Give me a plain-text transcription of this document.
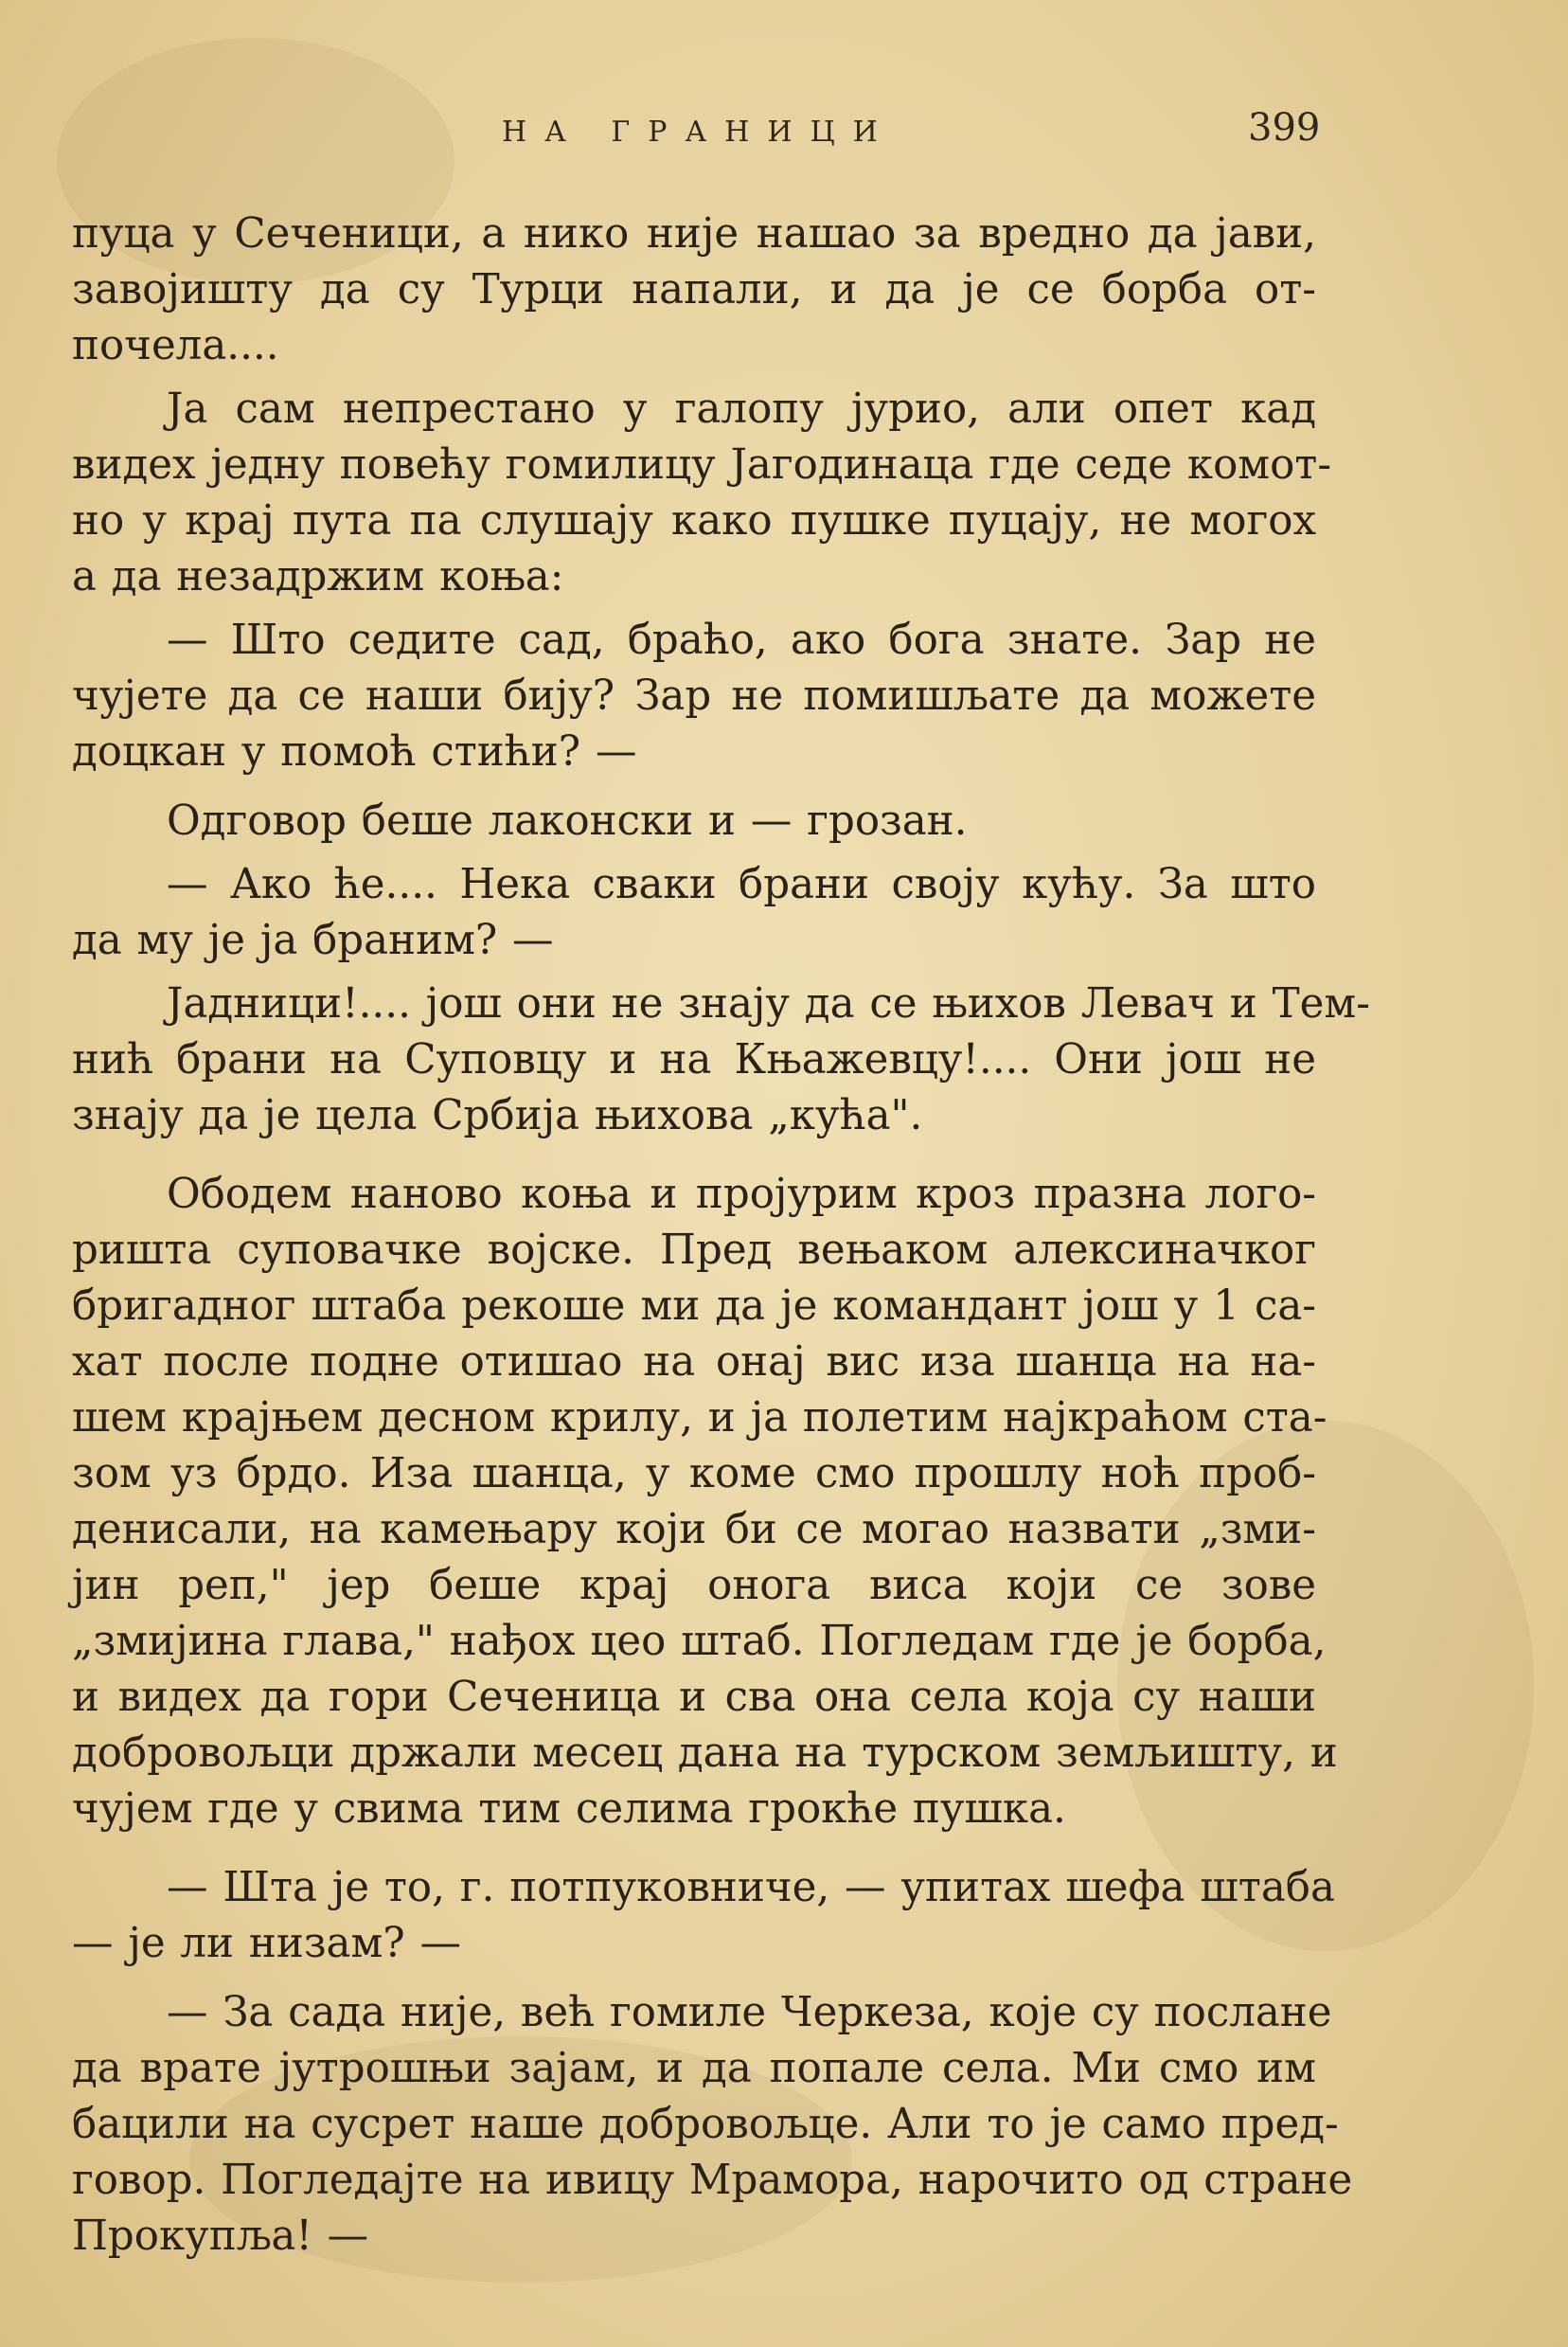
НА ГРАНИЦИ	399

пуца у Сеченици, а нико није нашао за вредно да јави,
завојишту да су Турци напали, и да је се борба от-
почела....

Ја сам непрестано у галопу јурио, али опет кад
видех једну повећу гомилицу Јагодинаца где седе комот-
но у крај пута па слушају како пушке пуцају, не могох
а да незадржим коња:

— Што седите сад, браћо, ако бога знате. Зар не
чујете да се наши бију? Зар не помишљате да можете
доцкан у помоћ стићи? —

Одговор беше лаконски и — грозан.

— Ако ће.... Нека сваки брани своју кућу. За што
да му је ја браним? —

Јадници!.... још они не знају да се њихов Левач и Тем-
нић брани на Суповцу и на Књажевцу!.... Они још не
знају да је цела Србија њихова „кућа".

Ободем наново коња и пројурим кроз празна лого-
ришта суповачке војске. Пред вењаком алексиначког
бригадног штаба рекоше ми да је командант још у 1 са-
хат после подне отишао на онај вис иза шанца на на-
шем крајњем десном крилу, и ја полетим најкраћом ста-
зом уз брдо. Иза шанца, у коме смо прошлу ноћ проб-
денисали, на камењару који би се могао назвати „зми-
јин реп," јер беше крај онога виса који се зове
„змијина глава," нађох цео штаб. Погледам где је борба,
и видех да гори Сеченица и сва она села која су наши
добровољци држали месец дана на турском земљишту, и
чујем где у свима тим селима грокће пушка.

— Шта је то, г. потпуковниче, — упитах шефа штаба
— је ли низам? —

— За сада није, већ гомиле Черкеза, које су послане
да врате јутрошњи зајам, и да попале села. Ми смо им
бацили на сусрет наше добровољце. Али то је само пред-
говор. Погледајте на ивицу Мрамора, нарочито од стране
Прокупља! —
